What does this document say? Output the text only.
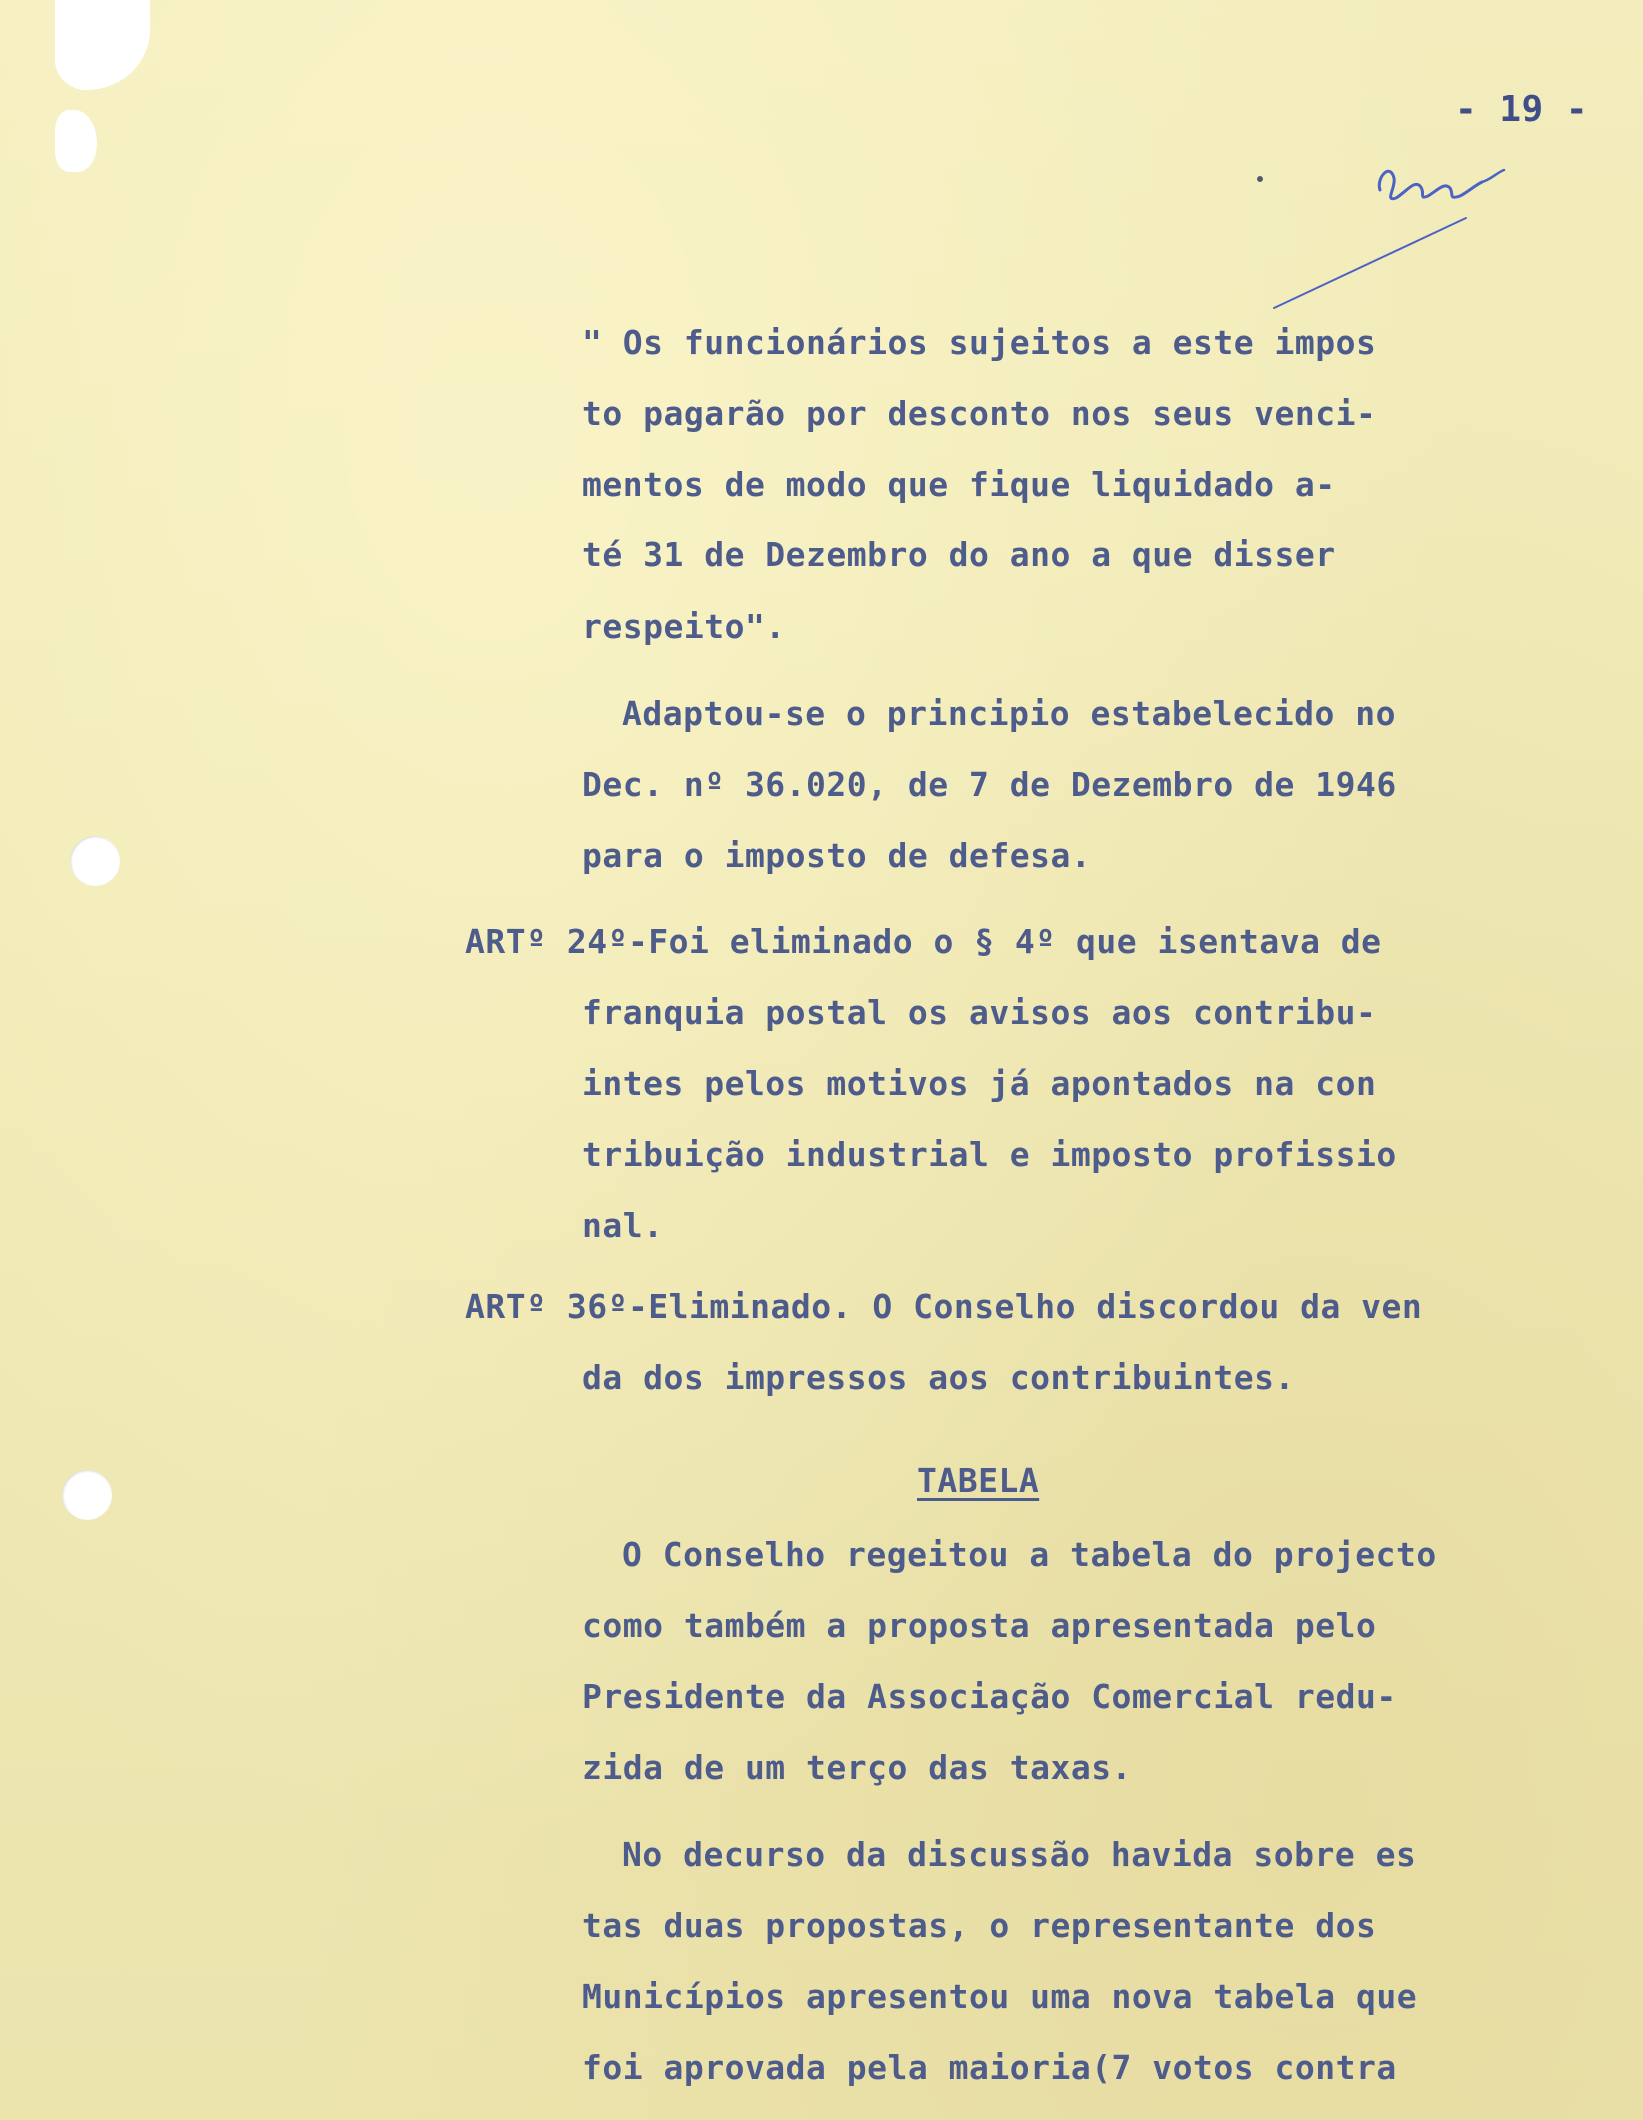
- 19 -

" Os funcionários sujeitos a este impos

to pagarão por desconto nos seus venci-

mentos de modo que fique liquidado a-

té 31 de Dezembro do ano a que disser

respeito".

Adaptou-se o principio estabelecido no

Dec. nº 36.020, de 7 de Dezembro de 1946

para o imposto de defesa.

ARTº 24º-Foi eliminado o § 4º que isentava de

franquia postal os avisos aos contribu-

intes pelos motivos já apontados na con

tribuição industrial e imposto profissio

nal.

ARTº 36º-Eliminado. O Conselho discordou da ven

da dos impressos aos contribuintes.

TABELA

O Conselho regeitou a tabela do projecto

como também a proposta apresentada pelo

Presidente da Associação Comercial redu-

zida de um terço das taxas.

No decurso da discussão havida sobre es

tas duas propostas, o representante dos

Municípios apresentou uma nova tabela que

foi aprovada pela maioria(7 votos contra
